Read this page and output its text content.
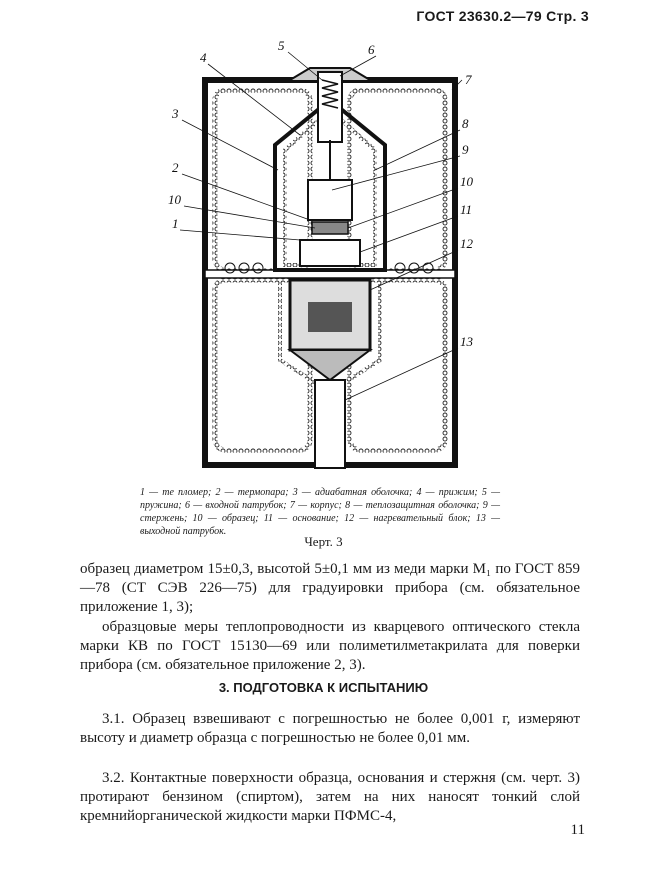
ГОСТ 23630.2—79 Стр. 3
5	6
4
7
3
8
9
2
10
10
1
11
12
13
1 — те пломер; 2 — термопара; 3 — адиабатная оболочка; 4 — прижим; 5 — пружина; 6 — входной патрубок; 7 — корпус; 8 — теплозащитная оболочка; 9 — стержень; 10 — образец; 11 — основание; 12 — нагрєвательный блок; 13 — выходной патрубок.
Черт. 3
образец диаметром 15±0,3, высотой 5±0,1 мм из меди марки М₁ по ГОСТ 859—78 (СТ СЭВ 226—75) для градуировки прибора (см. обязательное приложение 1, 3);
образцовые меры теплопроводности из кварцевого оптического стекла марки КВ по ГОСТ 15130—69 или полиметилметакрилата для поверки прибора (см. обязательное приложение 2, 3).
3. ПОДГОТОВКА К ИСПЫТАНИЮ
3.1. Образец взвешивают с погрешностью не более 0,001 г, измеряют высоту и диаметр образца с погрешностью не более 0,01 мм.
3.2. Контактные поверхности образца, основания и стержня (см. черт. 3) протирают бензином (спиртом), затем на них наносят тонкий слой кремнийорганической жидкости марки ПФМС-4,
11
